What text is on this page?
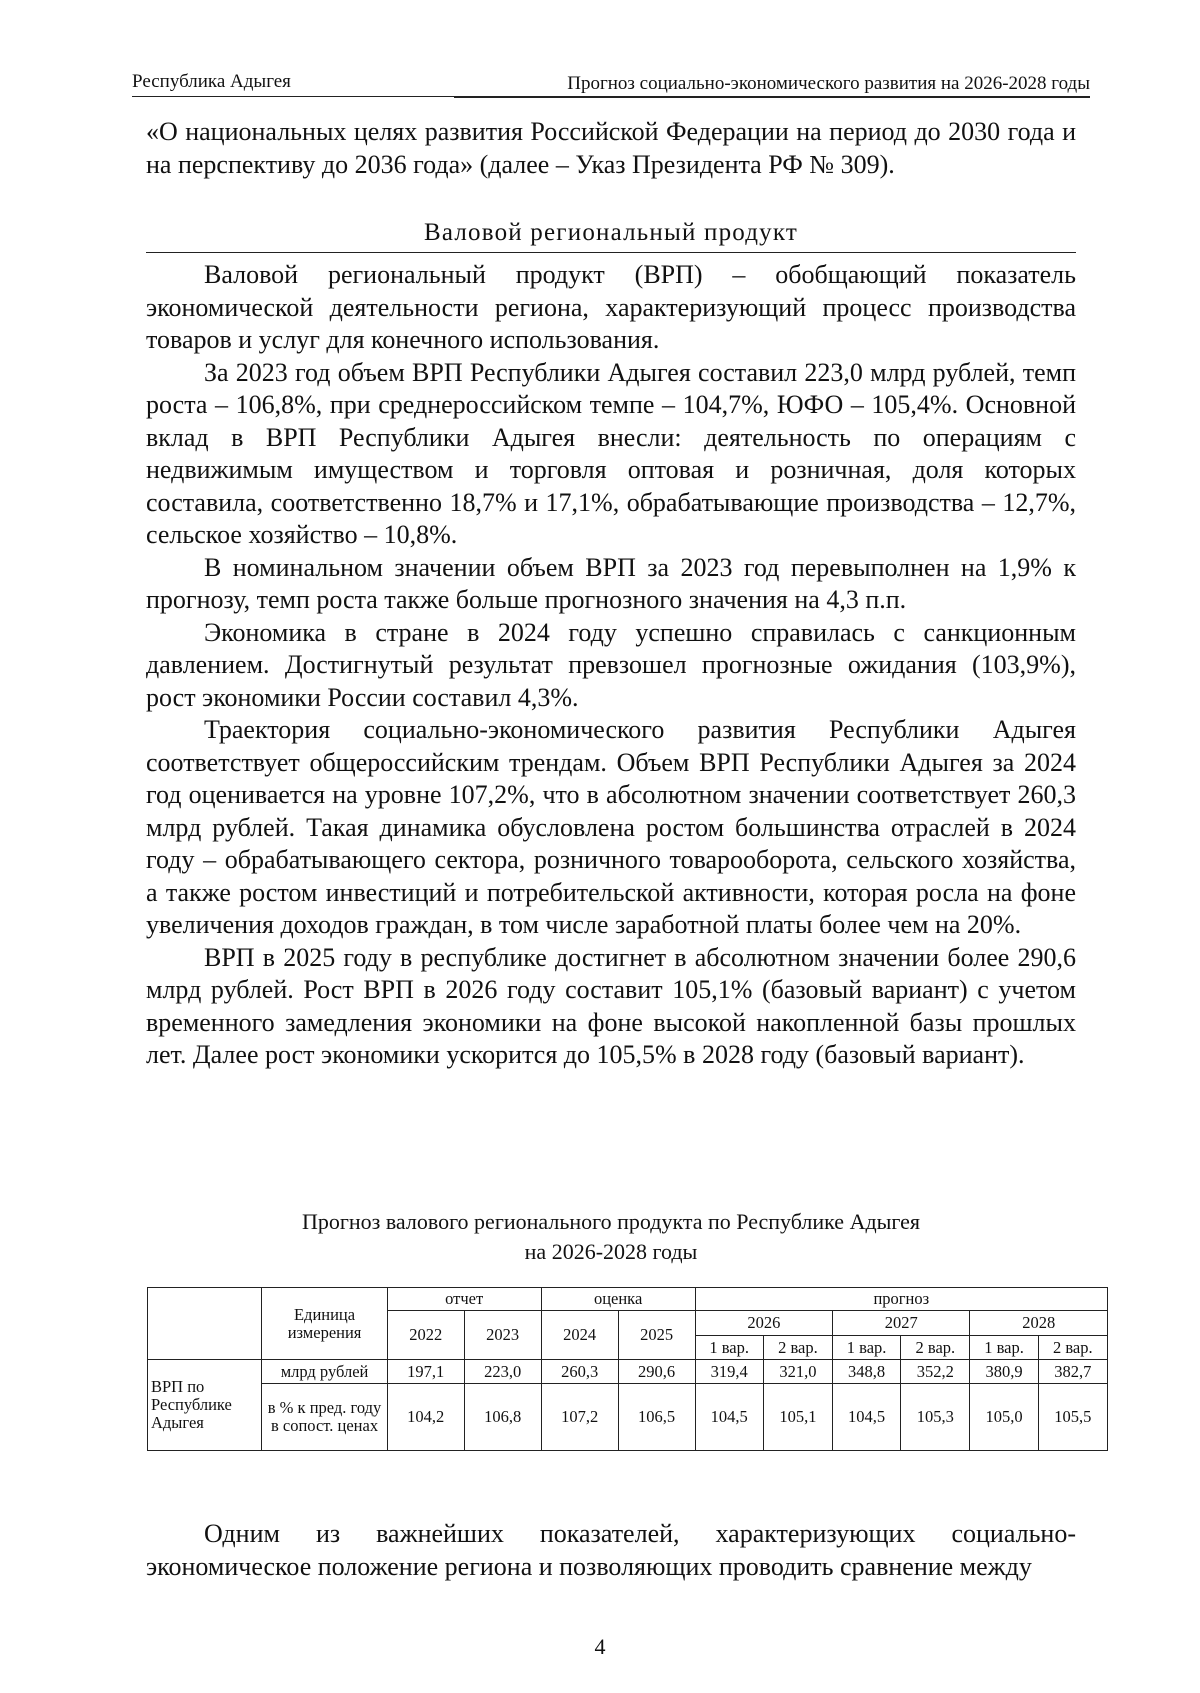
Республика Адыгея	Прогноз социально-экономического развития на 2026-2028 годы

«О национальных целях развития Российской Федерации на период до 2030 года и на перспективу до 2036 года» (далее – Указ Президента РФ № 309).

Валовой региональный продукт

Валовой региональный продукт (ВРП) – обобщающий показатель экономической деятельности региона, характеризующий процесс производства товаров и услуг для конечного использования.

За 2023 год объем ВРП Республики Адыгея составил 223,0 млрд рублей, темп роста – 106,8%, при среднероссийском темпе – 104,7%, ЮФО – 105,4%. Основной вклад в ВРП Республики Адыгея внесли: деятельность по операциям с недвижимым имуществом и торговля оптовая и розничная, доля которых составила, соответственно 18,7% и 17,1%, обрабатывающие производства – 12,7%, сельское хозяйство – 10,8%.

В номинальном значении объем ВРП за 2023 год перевыполнен на 1,9% к прогнозу, темп роста также больше прогнозного значения на 4,3 п.п.

Экономика в стране в 2024 году успешно справилась с санкционным давлением. Достигнутый результат превзошел прогнозные ожидания (103,9%), рост экономики России составил 4,3%.

Траектория социально-экономического развития Республики Адыгея соответствует общероссийским трендам. Объем ВРП Республики Адыгея за 2024 год оценивается на уровне 107,2%, что в абсолютном значении соответствует 260,3 млрд рублей. Такая динамика обусловлена ростом большинства отраслей в 2024 году – обрабатывающего сектора, розничного товарооборота, сельского хозяйства, а также ростом инвестиций и потребительской активности, которая росла на фоне увеличения доходов граждан, в том числе заработной платы более чем на 20%.

ВРП в 2025 году в республике достигнет в абсолютном значении более 290,6 млрд рублей. Рост ВРП в 2026 году составит 105,1% (базовый вариант) с учетом временного замедления экономики на фоне высокой накопленной базы прошлых лет. Далее рост экономики ускорится до 105,5% в 2028 году (базовый вариант).

Прогноз валового регионального продукта по Республике Адыгея
на 2026-2028 годы
	Единица измерения	отчет		оценка		прогноз					
		2022	2023	2024	2025	2026		2027		2028	
						1 вар.	2 вар.	1 вар.	2 вар.	1 вар.	2 вар.
ВРП по Республике Адыгея	млрд рублей	197,1	223,0	260,3	290,6	319,4	321,0	348,8	352,2	380,9	382,7
	в % к пред. году в сопост. ценах	104,2	106,8	107,2	106,5	104,5	105,1	104,5	105,3	105,0	105,5

Одним из важнейших показателей, характеризующих социально-экономическое положение региона и позволяющих проводить сравнение между

4
